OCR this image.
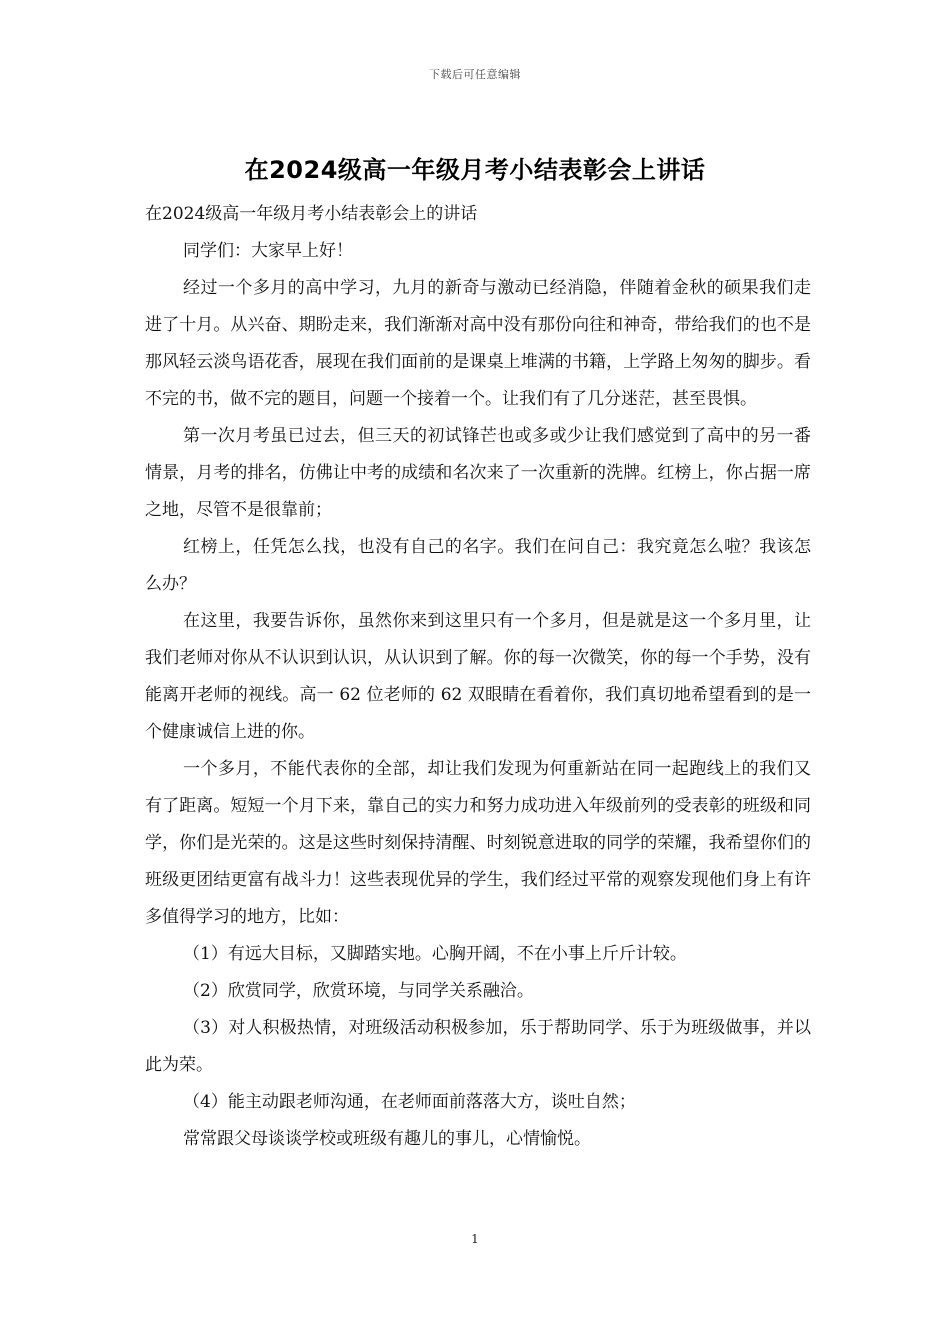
下载后可任意编辑
在2024级高一年级月考小结表彰会上讲话

在2024级高一年级月考小结表彰会上的讲话

同学们：大家早上好！

经过一个多月的高中学习，九月的新奇与激动已经消隐，伴随着金秋的硕果我们走进了十月。从兴奋、期盼走来，我们渐渐对高中没有那份向往和神奇，带给我们的也不是那风轻云淡鸟语花香，展现在我们面前的是课桌上堆满的书籍，上学路上匆匆的脚步。看不完的书，做不完的题目，问题一个接着一个。让我们有了几分迷茫，甚至畏惧。

第一次月考虽已过去，但三天的初试锋芒也或多或少让我们感觉到了高中的另一番情景，月考的排名，仿佛让中考的成绩和名次来了一次重新的洗牌。红榜上，你占据一席之地，尽管不是很靠前；

红榜上，任凭怎么找，也没有自己的名字。我们在问自己：我究竟怎么啦？我该怎么办？

在这里，我要告诉你，虽然你来到这里只有一个多月，但是就是这一个多月里，让我们老师对你从不认识到认识，从认识到了解。你的每一次微笑，你的每一个手势，没有能离开老师的视线。高一 62 位老师的 62 双眼睛在看着你，我们真切地希望看到的是一个健康诚信上进的你。

一个多月，不能代表你的全部，却让我们发现为何重新站在同一起跑线上的我们又有了距离。短短一个月下来，靠自己的实力和努力成功进入年级前列的受表彰的班级和同学，你们是光荣的。这是这些时刻保持清醒、时刻锐意进取的同学的荣耀，我希望你们的班级更团结更富有战斗力！这些表现优异的学生，我们经过平常的观察发现他们身上有许多值得学习的地方，比如：

（1）有远大目标，又脚踏实地。心胸开阔，不在小事上斤斤计较。

（2）欣赏同学，欣赏环境，与同学关系融洽。

（3）对人积极热情，对班级活动积极参加，乐于帮助同学、乐于为班级做事，并以此为荣。

（4）能主动跟老师沟通，在老师面前落落大方，谈吐自然；

常常跟父母谈谈学校或班级有趣儿的事儿，心情愉悦。

1
